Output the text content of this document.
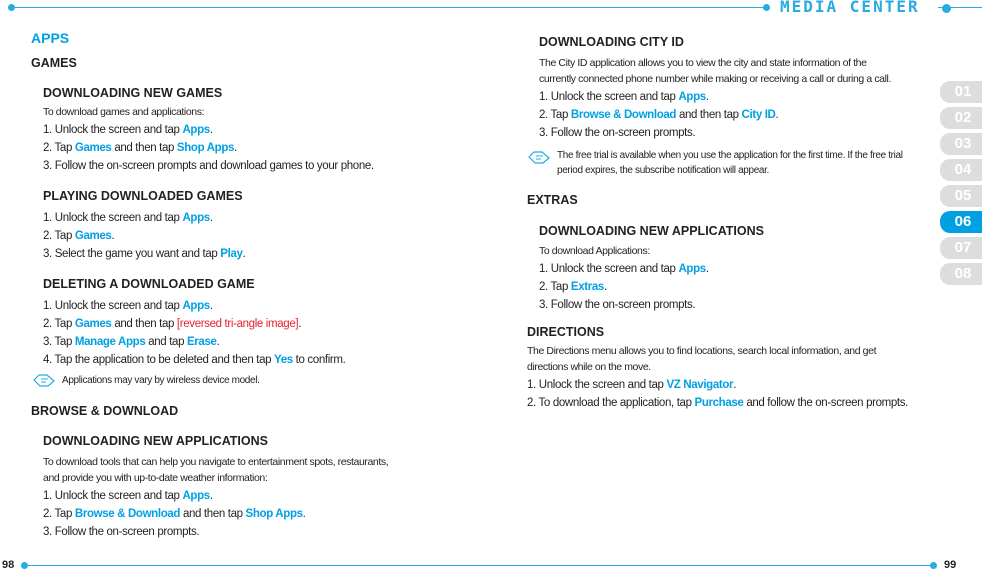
MEDIA CENTER
98	99
01
02
03
04
05
06
07
08
APPS
GAMES
DOWNLOADING NEW GAMES
To download games and applications:
1. Unlock the screen and tap Apps.
2. Tap Games and then tap Shop Apps.
3. Follow the on-screen prompts and download games to your phone.
PLAYING DOWNLOADED GAMES
1. Unlock the screen and tap Apps.
2. Tap Games.
3. Select the game you want and tap Play.
DELETING A DOWNLOADED GAME
1. Unlock the screen and tap Apps.
2. Tap Games and then tap [reversed tri-angle image].
3. Tap Manage Apps and tap Erase.
4. Tap the application to be deleted and then tap Yes to confirm.
Applications may vary by wireless device model.
BROWSE & DOWNLOAD
DOWNLOADING NEW APPLICATIONS
To download tools that can help you navigate to entertainment spots, restaurants,
and provide you with up-to-date weather information:
1. Unlock the screen and tap Apps.
2. Tap Browse & Download and then tap Shop Apps.
3. Follow the on-screen prompts.
DOWNLOADING CITY ID
The City ID application allows you to view the city and state information of the
currently connected phone number while making or receiving a call or during a call.
1. Unlock the screen and tap Apps.
2. Tap Browse & Download and then tap City ID.
3. Follow the on-screen prompts.
The free trial is available when you use the application for the first time. If the free trial
period expires, the subscribe notification will appear.
EXTRAS
DOWNLOADING NEW APPLICATIONS
To download Applications:
1. Unlock the screen and tap Apps.
2. Tap Extras.
3. Follow the on-screen prompts.
DIRECTIONS
The Directions menu allows you to find locations, search local information, and get
directions while on the move.
1. Unlock the screen and tap VZ Navigator.
2. To download the application, tap Purchase and follow the on-screen prompts.
